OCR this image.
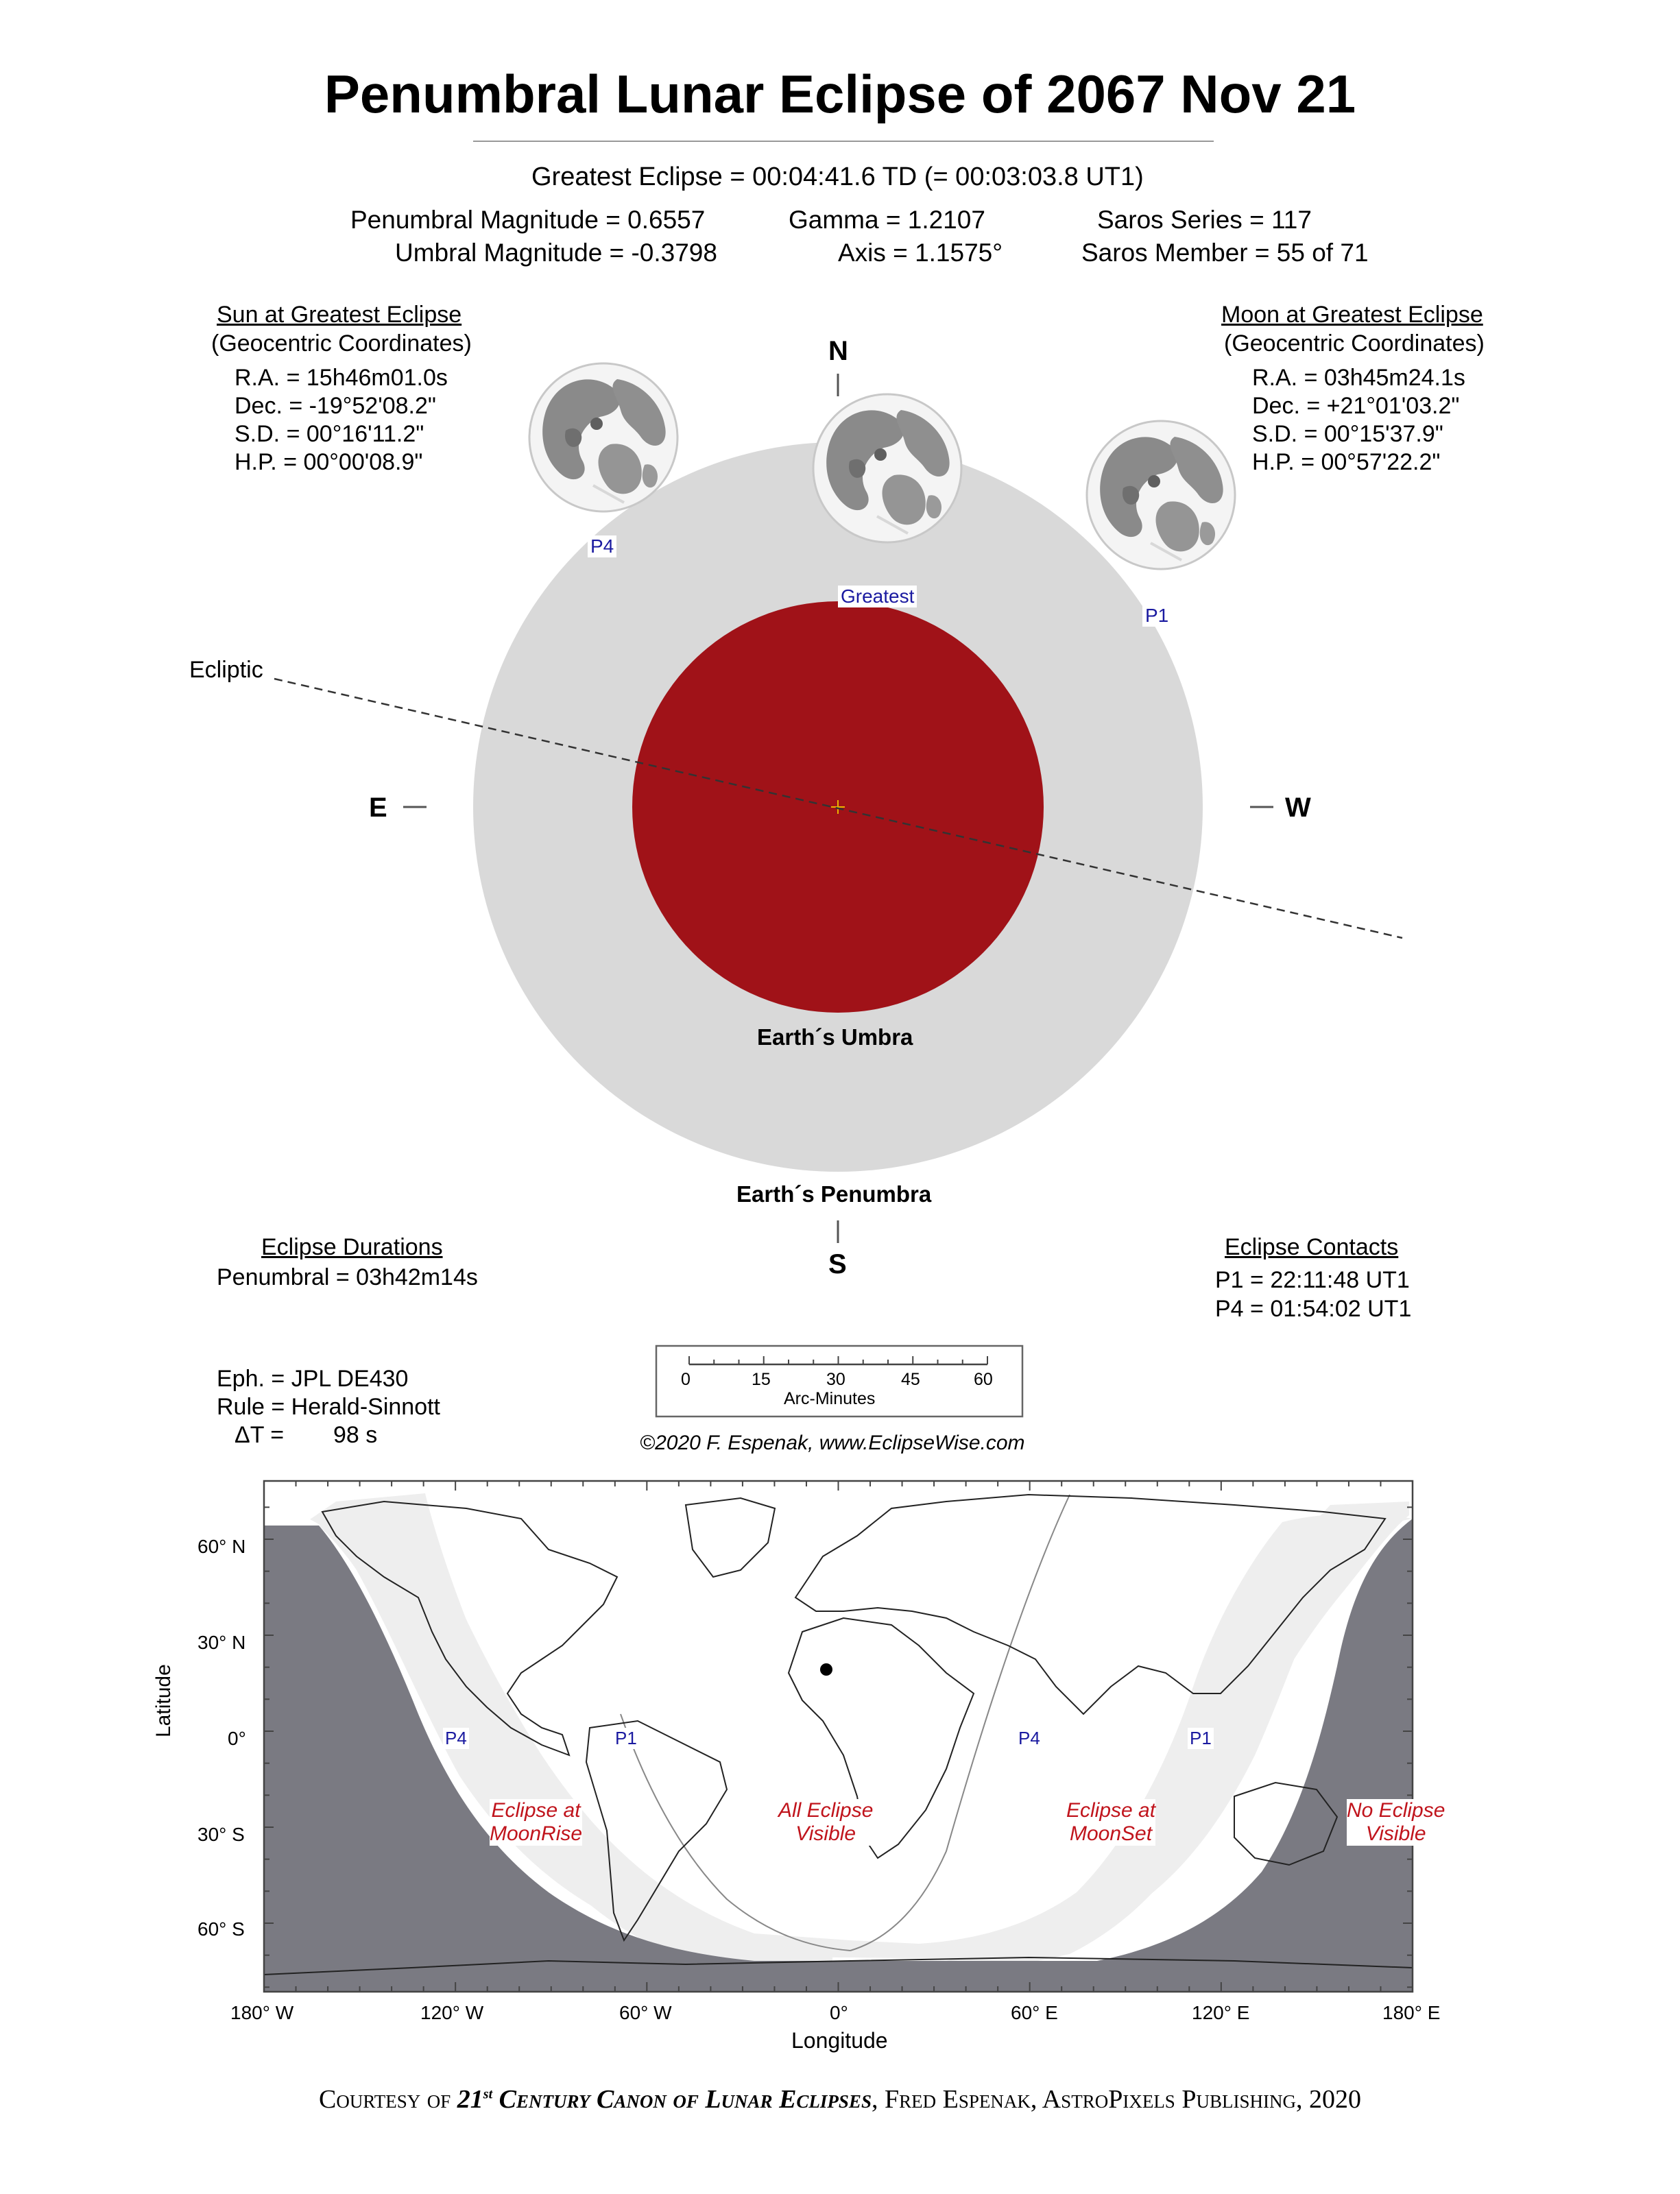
Penumbral Lunar Eclipse of 2067 Nov 21
Greatest Eclipse = 00:04:41.6 TD (= 00:03:03.8 UT1)
Penumbral Magnitude = 0.6557
Umbral Magnitude = -0.3798
Gamma = 1.2107
Axis = 1.1575°
Saros Series = 117
Saros Member = 55 of 71
Sun at Greatest Eclipse
(Geocentric Coordinates)
R.A. = 15h46m01.0s
Dec. = -19°52'08.2"
S.D. = 00°16'11.2"
H.P. = 00°00'08.9"
Moon at Greatest Eclipse
(Geocentric Coordinates)
R.A. = 03h45m24.1s
Dec. = +21°01'03.2"
S.D. = 00°15'37.9"
H.P. = 00°57'22.2"
N
S
E	W
Ecliptic
Earth´s Umbra
Earth´s Penumbra
P4
Greatest
P1
Eclipse Durations
Penumbral = 03h42m14s
Eclipse Contacts
P1 = 22:11:48 UT1
P4 = 01:54:02 UT1
Eph. = JPL DE430
Rule = Herald-Sinnott
ΔT = 98 s
0	15	30	45	60
Arc-Minutes
©2020 F. Espenak, www.EclipseWise.com
60° N
30° N
0°
30° S
60° S
Latitude
180° W	120° W	60° W	0°	60° E	120° E	180° E
Longitude
P4	P1	P4	P1
Eclipse at
MoonRise
All Eclipse
Visible
Eclipse at
MoonSet
No Eclipse
Visible
Courtesy of 21st Century Canon of Lunar Eclipses, Fred Espenak, AstroPixels Publishing, 2020
